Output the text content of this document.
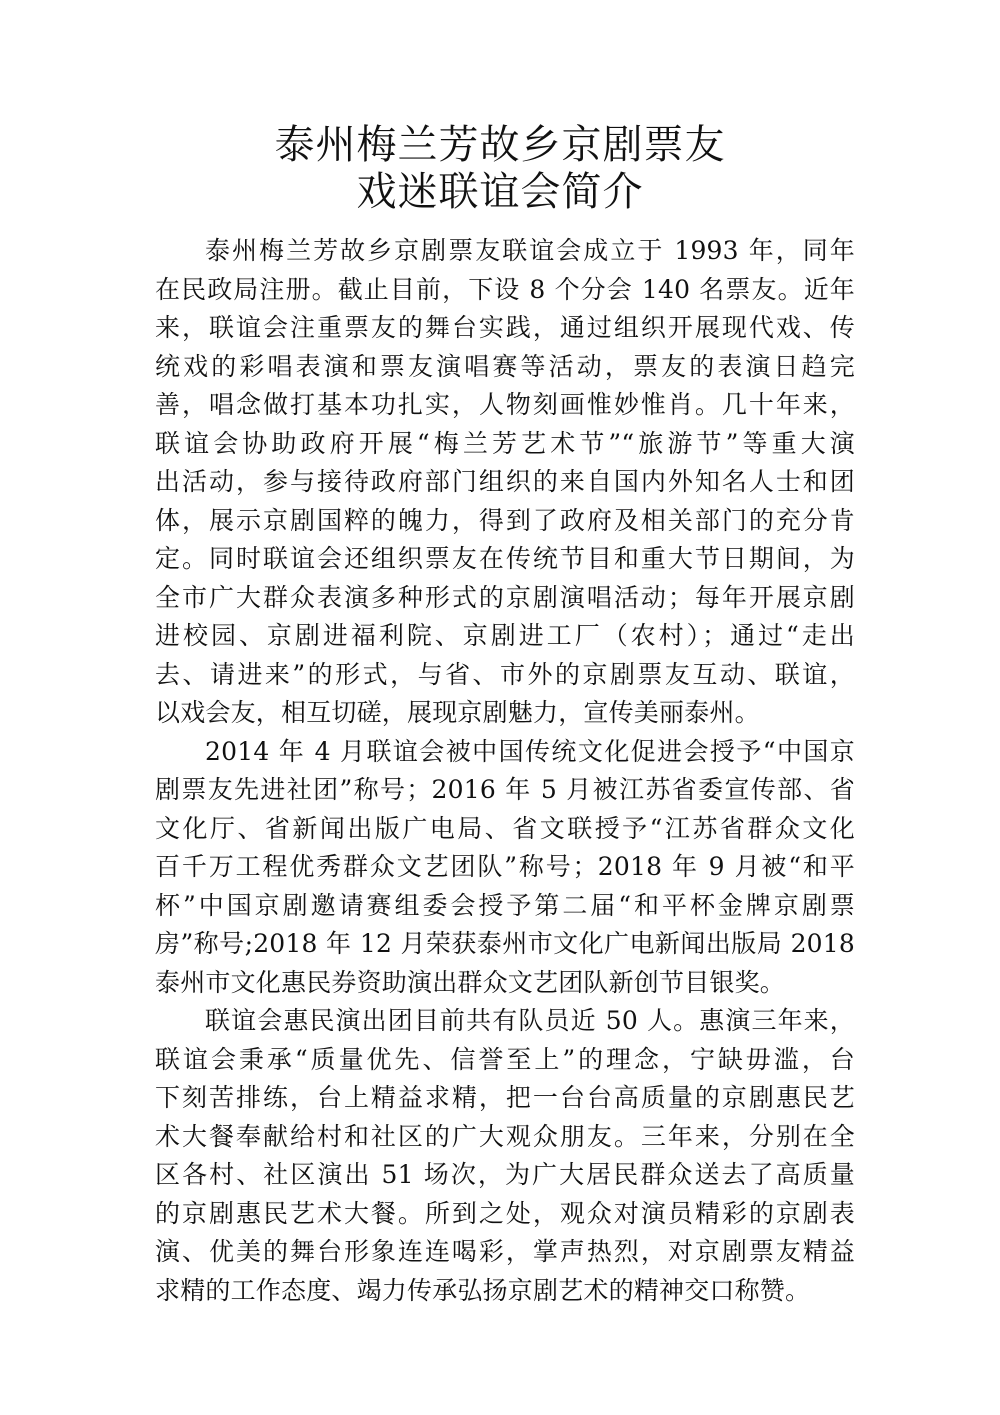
泰州梅兰芳故乡京剧票友
戏迷联谊会简介
泰州梅兰芳故乡京剧票友联谊会成立于 1993 年，同年
在民政局注册。截止目前，下设 8 个分会 140 名票友。近年
来，联谊会注重票友的舞台实践，通过组织开展现代戏、传
统戏的彩唱表演和票友演唱赛等活动，票友的表演日趋完
善，唱念做打基本功扎实，人物刻画惟妙惟肖。几十年来，
联谊会协助政府开展“梅兰芳艺术节”“旅游节”等重大演
出活动，参与接待政府部门组织的来自国内外知名人士和团
体，展示京剧国粹的魄力，得到了政府及相关部门的充分肯
定。同时联谊会还组织票友在传统节目和重大节日期间，为
全市广大群众表演多种形式的京剧演唱活动；每年开展京剧
进校园、京剧进福利院、京剧进工厂（农村）；通过“走出
去、请进来”的形式，与省、市外的京剧票友互动、联谊，
以戏会友，相互切磋，展现京剧魅力，宣传美丽泰州。
2014 年 4 月联谊会被中国传统文化促进会授予“中国京
剧票友先进社团”称号；2016 年 5 月被江苏省委宣传部、省
文化厅、省新闻出版广电局、省文联授予“江苏省群众文化
百千万工程优秀群众文艺团队”称号；2018 年 9 月被“和平
杯”中国京剧邀请赛组委会授予第二届“和平杯金牌京剧票
房”称号;2018 年 12 月荣获泰州市文化广电新闻出版局 2018
泰州市文化惠民券资助演出群众文艺团队新创节目银奖。
联谊会惠民演出团目前共有队员近 50 人。惠演三年来，
联谊会秉承“质量优先、信誉至上”的理念，宁缺毋滥，台
下刻苦排练，台上精益求精，把一台台高质量的京剧惠民艺
术大餐奉献给村和社区的广大观众朋友。三年来，分别在全
区各村、社区演出 51 场次，为广大居民群众送去了高质量
的京剧惠民艺术大餐。所到之处，观众对演员精彩的京剧表
演、优美的舞台形象连连喝彩，掌声热烈，对京剧票友精益
求精的工作态度、竭力传承弘扬京剧艺术的精神交口称赞。
